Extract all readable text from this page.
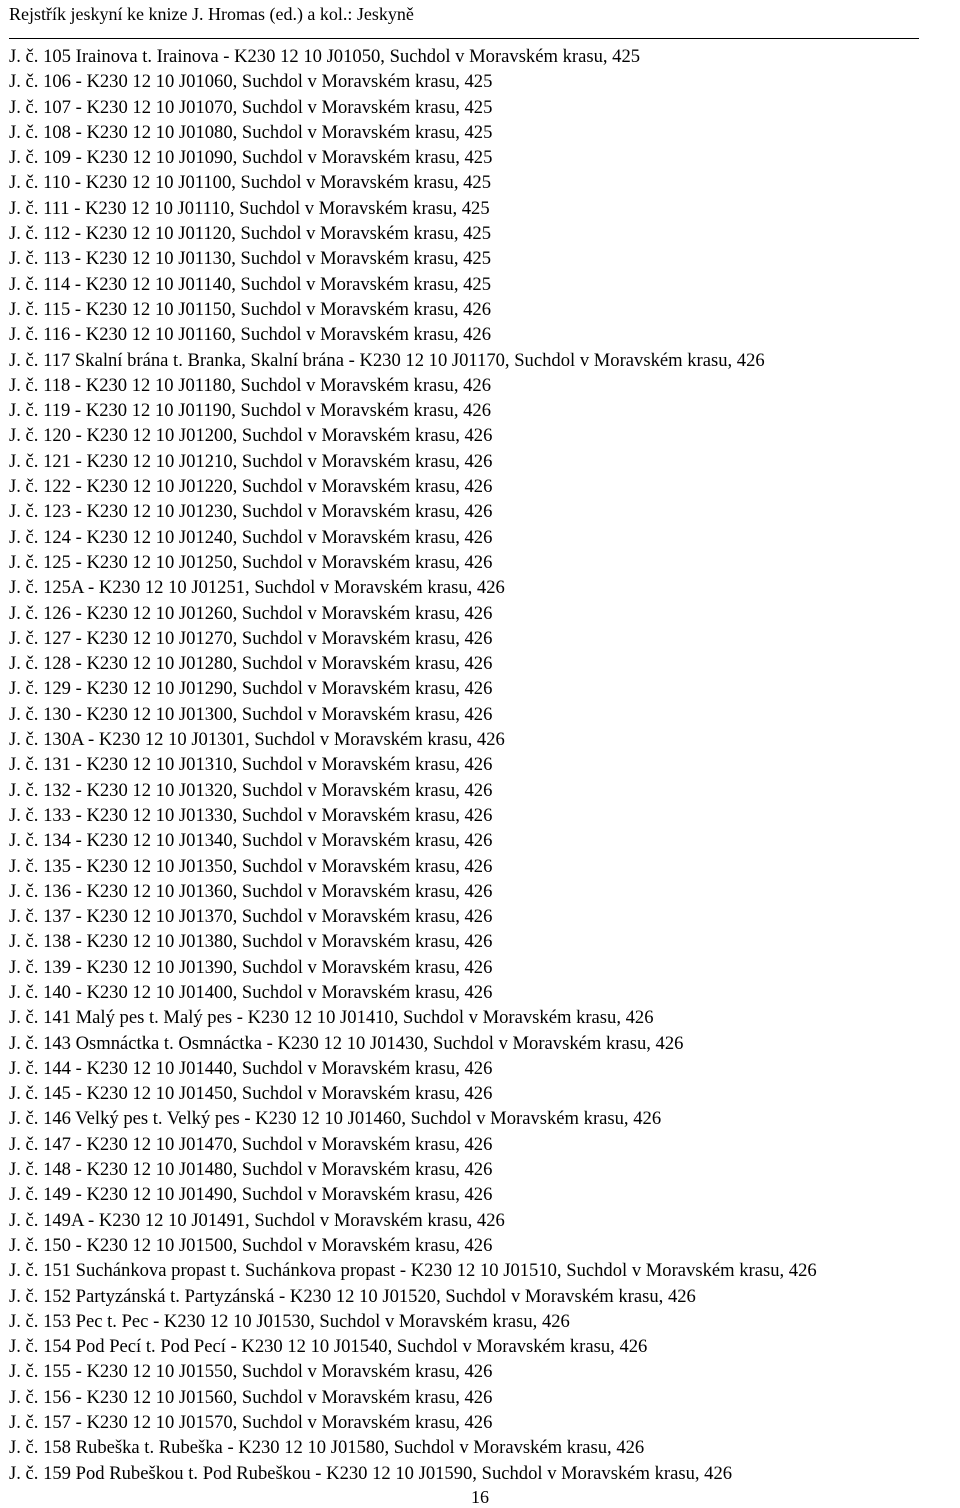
Rejstřík jeskyní ke knize J. Hromas (ed.) a kol.: Jeskyně
J. č. 105 Irainova t. Irainova - K230 12 10 J01050, Suchdol v Moravském krasu, 425
J. č. 106 - K230 12 10 J01060, Suchdol v Moravském krasu, 425
J. č. 107 - K230 12 10 J01070, Suchdol v Moravském krasu, 425
J. č. 108 - K230 12 10 J01080, Suchdol v Moravském krasu, 425
J. č. 109 - K230 12 10 J01090, Suchdol v Moravském krasu, 425
J. č. 110 - K230 12 10 J01100, Suchdol v Moravském krasu, 425
J. č. 111 - K230 12 10 J01110, Suchdol v Moravském krasu, 425
J. č. 112 - K230 12 10 J01120, Suchdol v Moravském krasu, 425
J. č. 113 - K230 12 10 J01130, Suchdol v Moravském krasu, 425
J. č. 114 - K230 12 10 J01140, Suchdol v Moravském krasu, 425
J. č. 115 - K230 12 10 J01150, Suchdol v Moravském krasu, 426
J. č. 116 - K230 12 10 J01160, Suchdol v Moravském krasu, 426
J. č. 117 Skalní brána t. Branka, Skalní brána - K230 12 10 J01170, Suchdol v Moravském krasu, 426
J. č. 118 - K230 12 10 J01180, Suchdol v Moravském krasu, 426
J. č. 119 - K230 12 10 J01190, Suchdol v Moravském krasu, 426
J. č. 120 - K230 12 10 J01200, Suchdol v Moravském krasu, 426
J. č. 121 - K230 12 10 J01210, Suchdol v Moravském krasu, 426
J. č. 122 - K230 12 10 J01220, Suchdol v Moravském krasu, 426
J. č. 123 - K230 12 10 J01230, Suchdol v Moravském krasu, 426
J. č. 124 - K230 12 10 J01240, Suchdol v Moravském krasu, 426
J. č. 125 - K230 12 10 J01250, Suchdol v Moravském krasu, 426
J. č. 125A - K230 12 10 J01251, Suchdol v Moravském krasu, 426
J. č. 126 - K230 12 10 J01260, Suchdol v Moravském krasu, 426
J. č. 127 - K230 12 10 J01270, Suchdol v Moravském krasu, 426
J. č. 128 - K230 12 10 J01280, Suchdol v Moravském krasu, 426
J. č. 129 - K230 12 10 J01290, Suchdol v Moravském krasu, 426
J. č. 130 - K230 12 10 J01300, Suchdol v Moravském krasu, 426
J. č. 130A - K230 12 10 J01301, Suchdol v Moravském krasu, 426
J. č. 131 - K230 12 10 J01310, Suchdol v Moravském krasu, 426
J. č. 132 - K230 12 10 J01320, Suchdol v Moravském krasu, 426
J. č. 133 - K230 12 10 J01330, Suchdol v Moravském krasu, 426
J. č. 134 - K230 12 10 J01340, Suchdol v Moravském krasu, 426
J. č. 135 - K230 12 10 J01350, Suchdol v Moravském krasu, 426
J. č. 136 - K230 12 10 J01360, Suchdol v Moravském krasu, 426
J. č. 137 - K230 12 10 J01370, Suchdol v Moravském krasu, 426
J. č. 138 - K230 12 10 J01380, Suchdol v Moravském krasu, 426
J. č. 139 - K230 12 10 J01390, Suchdol v Moravském krasu, 426
J. č. 140 - K230 12 10 J01400, Suchdol v Moravském krasu, 426
J. č. 141 Malý pes t. Malý pes - K230 12 10 J01410, Suchdol v Moravském krasu, 426
J. č. 143 Osmnáctka t. Osmnáctka - K230 12 10 J01430, Suchdol v Moravském krasu, 426
J. č. 144 - K230 12 10 J01440, Suchdol v Moravském krasu, 426
J. č. 145 - K230 12 10 J01450, Suchdol v Moravském krasu, 426
J. č. 146 Velký pes t. Velký pes - K230 12 10 J01460, Suchdol v Moravském krasu, 426
J. č. 147 - K230 12 10 J01470, Suchdol v Moravském krasu, 426
J. č. 148 - K230 12 10 J01480, Suchdol v Moravském krasu, 426
J. č. 149 - K230 12 10 J01490, Suchdol v Moravském krasu, 426
J. č. 149A - K230 12 10 J01491, Suchdol v Moravském krasu, 426
J. č. 150 - K230 12 10 J01500, Suchdol v Moravském krasu, 426
J. č. 151 Suchánkova propast t. Suchánkova propast - K230 12 10 J01510, Suchdol v Moravském krasu, 426
J. č. 152 Partyzánská t. Partyzánská - K230 12 10 J01520, Suchdol v Moravském krasu, 426
J. č. 153 Pec t. Pec - K230 12 10 J01530, Suchdol v Moravském krasu, 426
J. č. 154 Pod Pecí t. Pod Pecí - K230 12 10 J01540, Suchdol v Moravském krasu, 426
J. č. 155 - K230 12 10 J01550, Suchdol v Moravském krasu, 426
J. č. 156 - K230 12 10 J01560, Suchdol v Moravském krasu, 426
J. č. 157 - K230 12 10 J01570, Suchdol v Moravském krasu, 426
J. č. 158 Rubeška t. Rubeška - K230 12 10 J01580, Suchdol v Moravském krasu, 426
J. č. 159 Pod Rubeškou t. Pod Rubeškou - K230 12 10 J01590, Suchdol v Moravském krasu, 426
16
